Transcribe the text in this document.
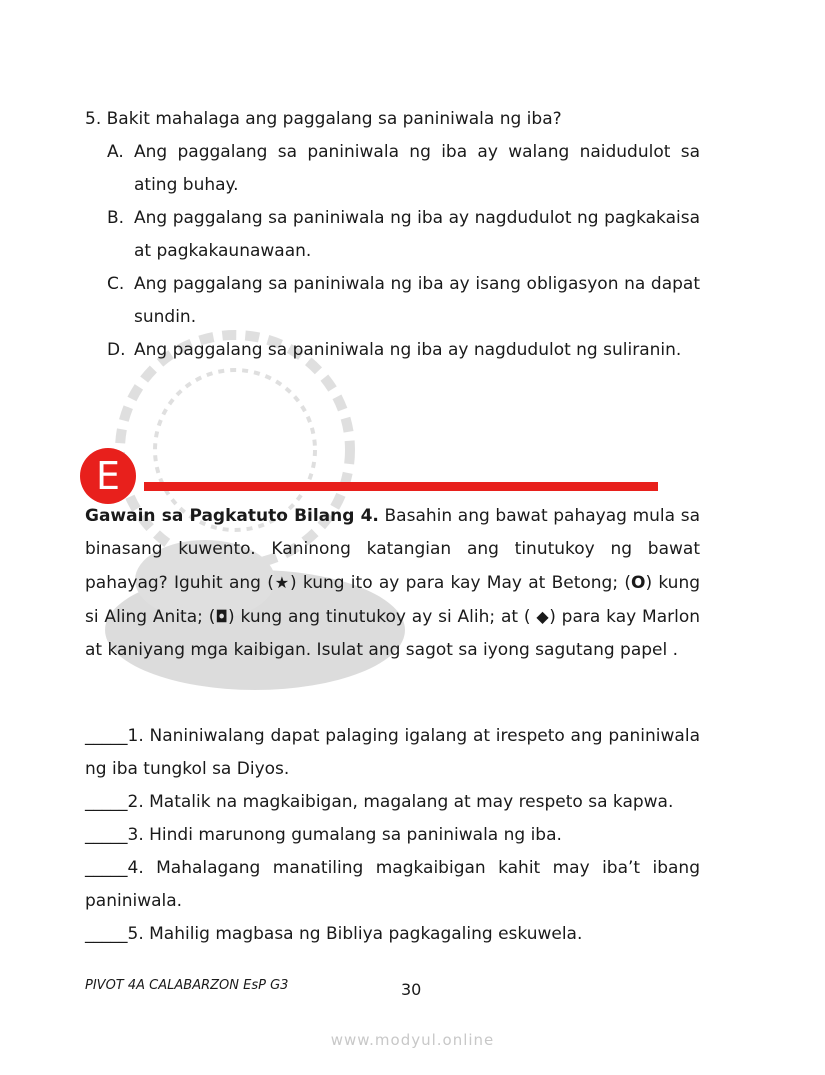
5. Bakit mahalaga ang paggalang sa paniniwala ng iba?
A. Ang paggalang sa paniniwala ng iba ay walang naidudulot sa ating buhay.
B. Ang paggalang sa paniniwala ng iba ay nagdudulot ng pagkakaisa at pagkakaunawaan.
C. Ang paggalang sa paniniwala ng iba ay isang obligasyon na dapat sundin.
D. Ang paggalang sa paniniwala ng iba ay nagdudulot ng suliranin.
E
Gawain sa Pagkatuto Bilang 4. Basahin ang bawat pahayag mula sa binasang kuwento. Kaninong katangian ang tinutukoy ng bawat pahayag? Iguhit ang (★) kung ito ay para kay May at Betong; (O) kung si Aling Anita; (◘) kung ang tinutukoy ay si Alih; at ( ◆) para kay Marlon at kaniyang mga kaibigan. Isulat ang sagot sa iyong sagutang papel .
_____1. Naniniwalang dapat palaging igalang at irespeto ang paniniwala ng iba tungkol sa Diyos.
_____2. Matalik na magkaibigan, magalang at may respeto sa kapwa.
_____3. Hindi marunong gumalang sa paniniwala ng iba.
_____4. Mahalagang manatiling magkaibigan kahit may iba’t ibang paniniwala.
_____5. Mahilig magbasa ng Bibliya pagkagaling eskuwela.
PIVOT 4A CALABARZON EsP G3	30
www.modyul.online
